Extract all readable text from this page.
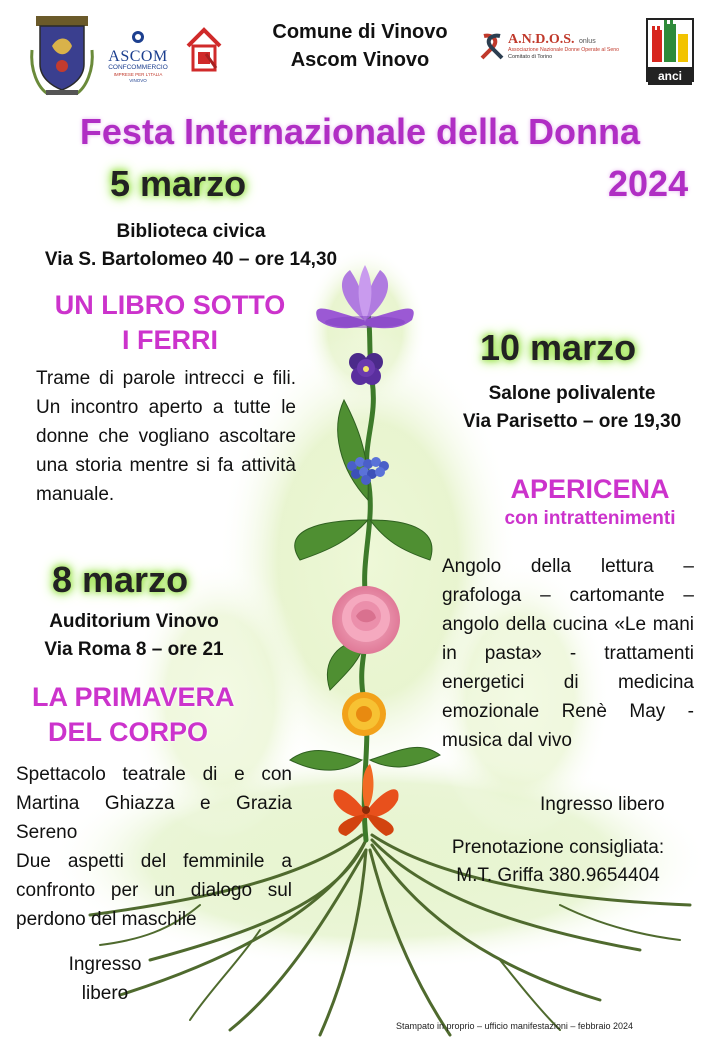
ASCOM
CONFCOMMERCIO
IMPRESE PER L'ITALIA
VINOVO
Comune di Vinovo
Ascom Vinovo
A.N.D.O.S. onlus
Associazione Nazionale Donne Operate al Seno
Comitato di Torino
anci
Festa Internazionale della Donna
2024
5 marzo
Biblioteca civica
Via S. Bartolomeo 40 – ore 14,30
UN LIBRO SOTTO
I FERRI
Trame di parole intrecci e fili. Un incontro aperto a tutte le donne che vogliano ascoltare una storia mentre si fa attività manuale.
8 marzo
Auditorium Vinovo
Via Roma 8 – ore 21
LA PRIMAVERA
DEL CORPO
Spettacolo teatrale di e con Martina Ghiazza e Grazia Sereno
Due aspetti del femminile a confronto per un dialogo sul perdono del maschile
Ingresso
libero
10 marzo
Salone polivalente
Via Parisetto – ore 19,30
APERICENA
con intrattenimenti
Angolo della lettura – grafologa – cartomante – angolo della cucina «Le mani in pasta» - trattamenti energetici di medicina emozionale Renè May - musica dal vivo
Ingresso libero
Prenotazione consigliata:
M.T. Griffa 380.9654404
Stampato in proprio – ufficio manifestazioni – febbraio 2024
